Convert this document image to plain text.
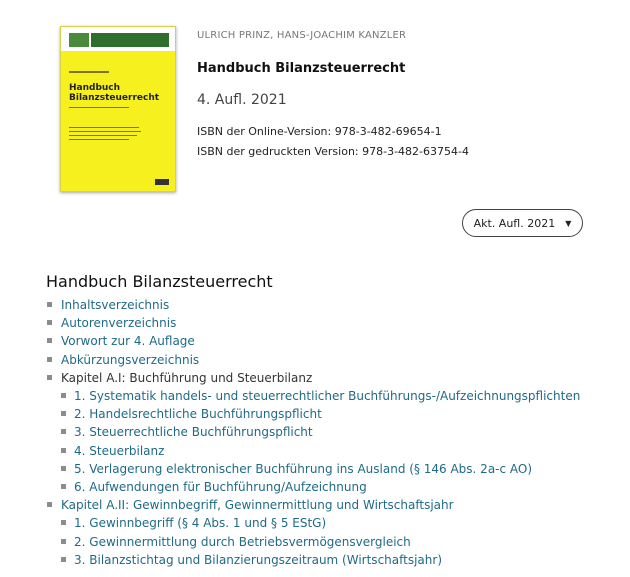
Handbuch Bilanzsteuerrecht
ULRICH PRINZ, HANS-JOACHIM KANZLER
Handbuch Bilanzsteuerrecht
4. Aufl. 2021
ISBN der Online-Version: 978-3-482-69654-1
ISBN der gedruckten Version: 978-3-482-63754-4
Akt. Aufl. 2021 ▼
Handbuch Bilanzsteuerrecht
Inhaltsverzeichnis
Autorenverzeichnis
Vorwort zur 4. Auflage
Abkürzungsverzeichnis
Kapitel A.I: Buchführung und Steuerbilanz
1. Systematik handels- und steuerrechtlicher Buchführungs-/Aufzeichnungspflichten
2. Handelsrechtliche Buchführungspflicht
3. Steuerrechtliche Buchführungspflicht
4. Steuerbilanz
5. Verlagerung elektronischer Buchführung ins Ausland (§ 146 Abs. 2a-c AO)
6. Aufwendungen für Buchführung/Aufzeichnung
Kapitel A.II: Gewinnbegriff, Gewinnermittlung und Wirtschaftsjahr
1. Gewinnbegriff (§ 4 Abs. 1 und § 5 EStG)
2. Gewinnermittlung durch Betriebsvermögensvergleich
3. Bilanzstichtag und Bilanzierungszeitraum (Wirtschaftsjahr)
